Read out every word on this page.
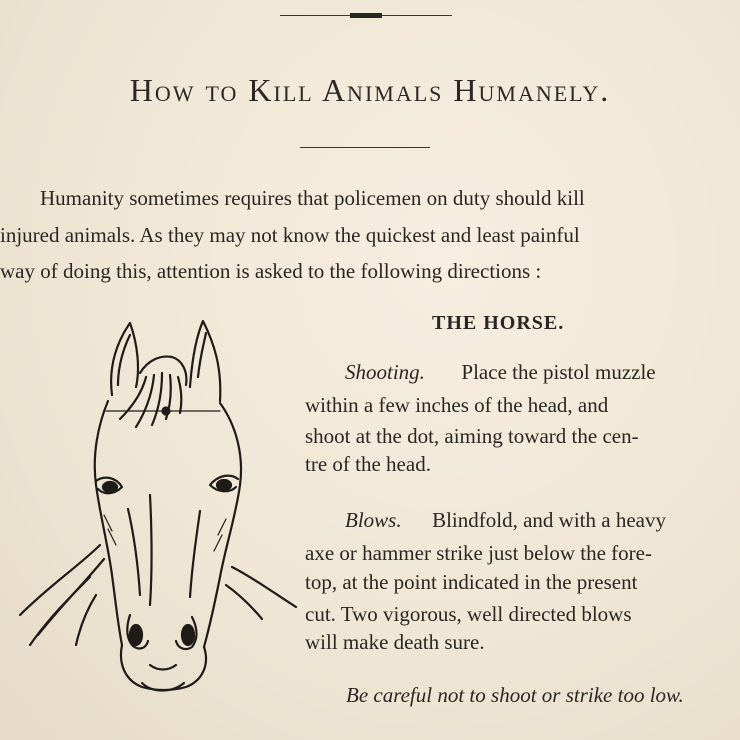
How to Kill Animals Humanely.
Humanity sometimes requires that policemen on duty should kill
injured animals. As they may not know the quickest and least painful
way of doing this, attention is asked to the following directions :
THE HORSE.
Shooting. Place the pistol muzzle
within a few inches of the head, and
shoot at the dot, aiming toward the cen-
tre of the head.
Blows. Blindfold, and with a heavy
axe or hammer strike just below the fore-
top, at the point indicated in the present
cut. Two vigorous, well directed blows
will make death sure.
Be careful not to shoot or strike too low.
